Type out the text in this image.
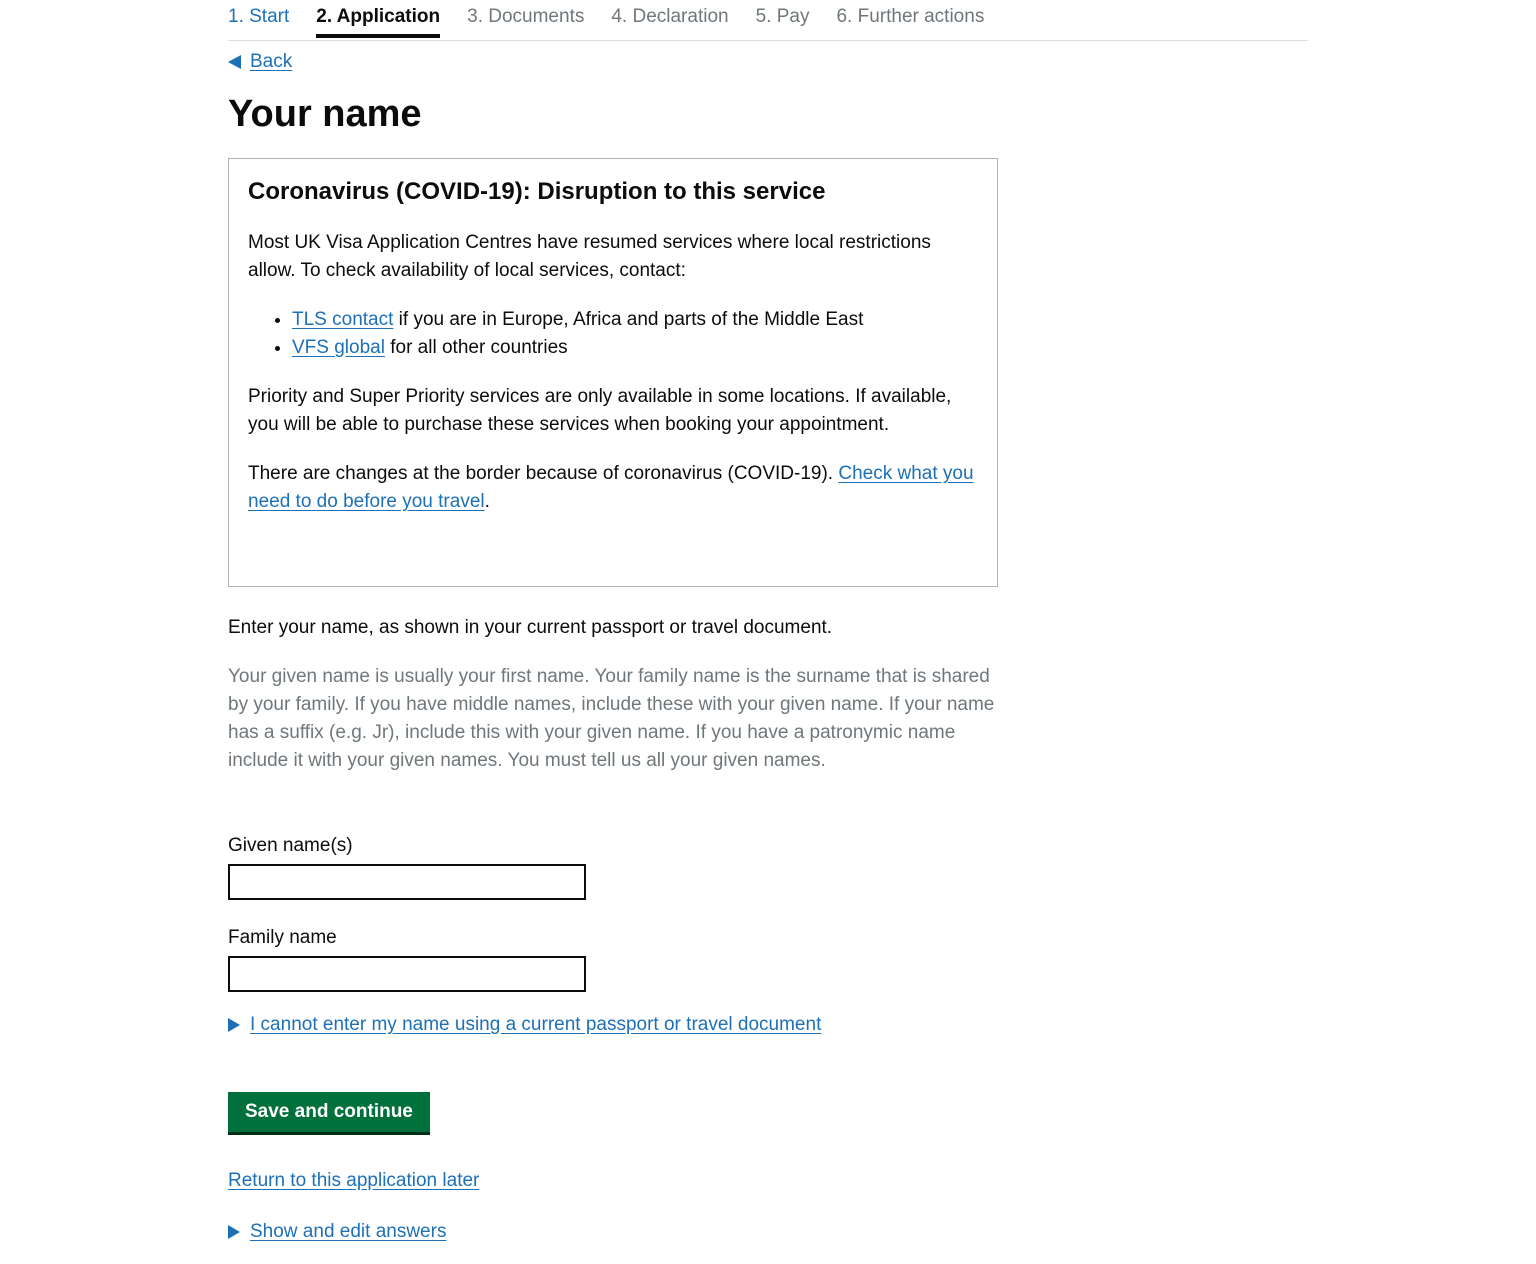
1. Start 2. Application 3. Documents 4. Declaration 5. Pay 6. Further actions
Back
Your name
Coronavirus (COVID-19): Disruption to this service

Most UK Visa Application Centres have resumed services where local restrictions allow. To check availability of local services, contact:

• TLS contact if you are in Europe, Africa and parts of the Middle East
• VFS global for all other countries

Priority and Super Priority services are only available in some locations. If available, you will be able to purchase these services when booking your appointment.

There are changes at the border because of coronavirus (COVID-19). Check what you need to do before you travel.

Enter your name, as shown in your current passport or travel document.

Your given name is usually your first name. Your family name is the surname that is shared by your family. If you have middle names, include these with your given name. If your name has a suffix (e.g. Jr), include this with your given name. If you have a patronymic name include it with your given names. You must tell us all your given names.

Given name(s)
Family name
I cannot enter my name using a current passport or travel document
Save and continue
Return to this application later
Show and edit answers
